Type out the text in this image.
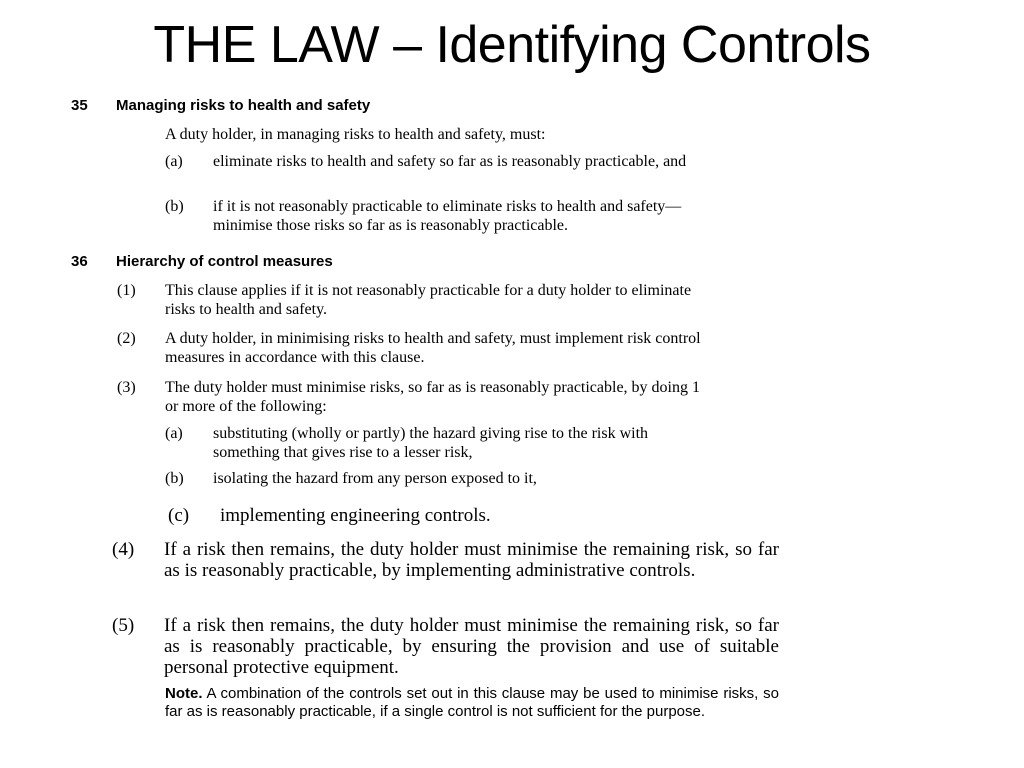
THE LAW – Identifying Controls
35 Managing risks to health and safety
A duty holder, in managing risks to health and safety, must:
(a) eliminate risks to health and safety so far as is reasonably practicable, and
(b) if it is not reasonably practicable to eliminate risks to health and safety—minimise those risks so far as is reasonably practicable.
36 Hierarchy of control measures
(1) This clause applies if it is not reasonably practicable for a duty holder to eliminate risks to health and safety.
(2) A duty holder, in minimising risks to health and safety, must implement risk control measures in accordance with this clause.
(3) The duty holder must minimise risks, so far as is reasonably practicable, by doing 1 or more of the following:
(a) substituting (wholly or partly) the hazard giving rise to the risk with something that gives rise to a lesser risk,
(b) isolating the hazard from any person exposed to it,
(c) implementing engineering controls.
(4) If a risk then remains, the duty holder must minimise the remaining risk, so far as is reasonably practicable, by implementing administrative controls.
(5) If a risk then remains, the duty holder must minimise the remaining risk, so far as is reasonably practicable, by ensuring the provision and use of suitable personal protective equipment.
Note. A combination of the controls set out in this clause may be used to minimise risks, so far as is reasonably practicable, if a single control is not sufficient for the purpose.
